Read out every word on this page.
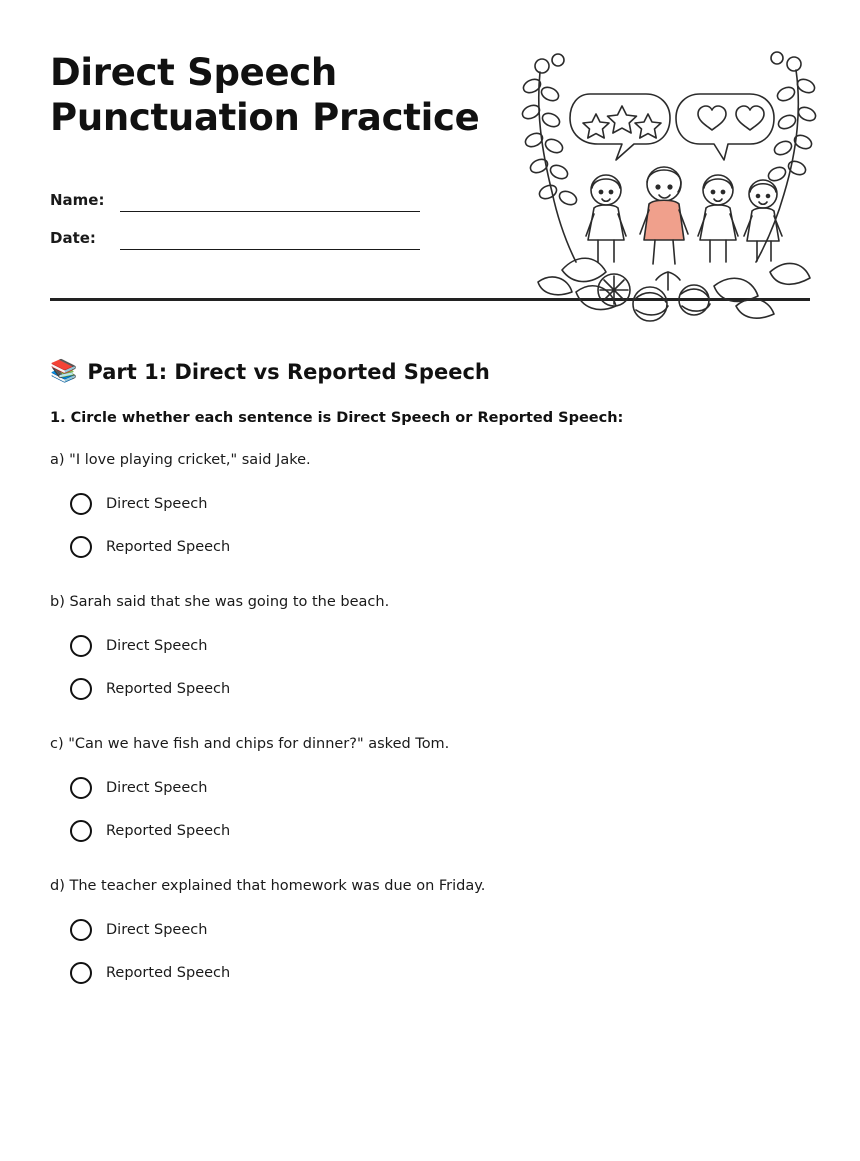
Direct Speech
Punctuation Practice
Name:
Date:
📚 Part 1: Direct vs Reported Speech
1. Circle whether each sentence is Direct Speech or Reported Speech:
a) "I love playing cricket," said Jake.
Direct Speech
Reported Speech
b) Sarah said that she was going to the beach.
Direct Speech
Reported Speech
c) "Can we have fish and chips for dinner?" asked Tom.
Direct Speech
Reported Speech
d) The teacher explained that homework was due on Friday.
Direct Speech
Reported Speech
